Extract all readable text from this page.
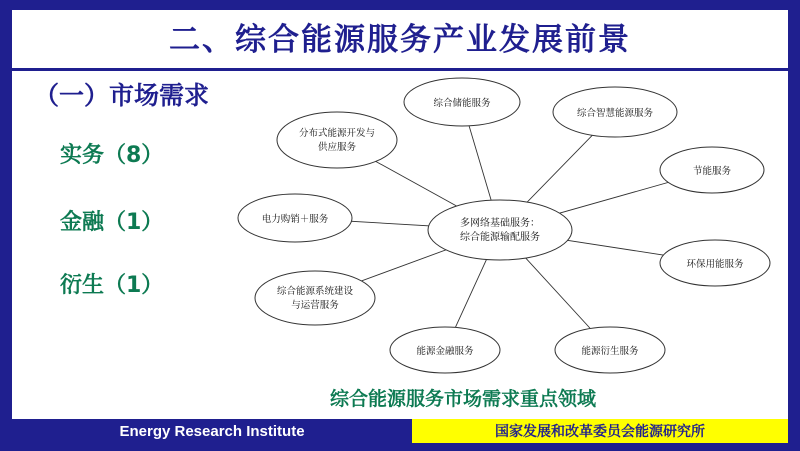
二、综合能源服务产业发展前景
（一）市场需求
实务（8）
金融（1）
衍生（1）
多网络基础服务：
综合能源输配服务
分布式能源开发与
供应服务
综合储能服务
综合智慧能源服务
节能服务
环保用能服务
能源衍生服务
能源金融服务
综合能源系统建设
与运营服务
电力购销＋服务
综合能源服务市场需求重点领域
Energy Research Institute	国家发展和改革委员会能源研究所
